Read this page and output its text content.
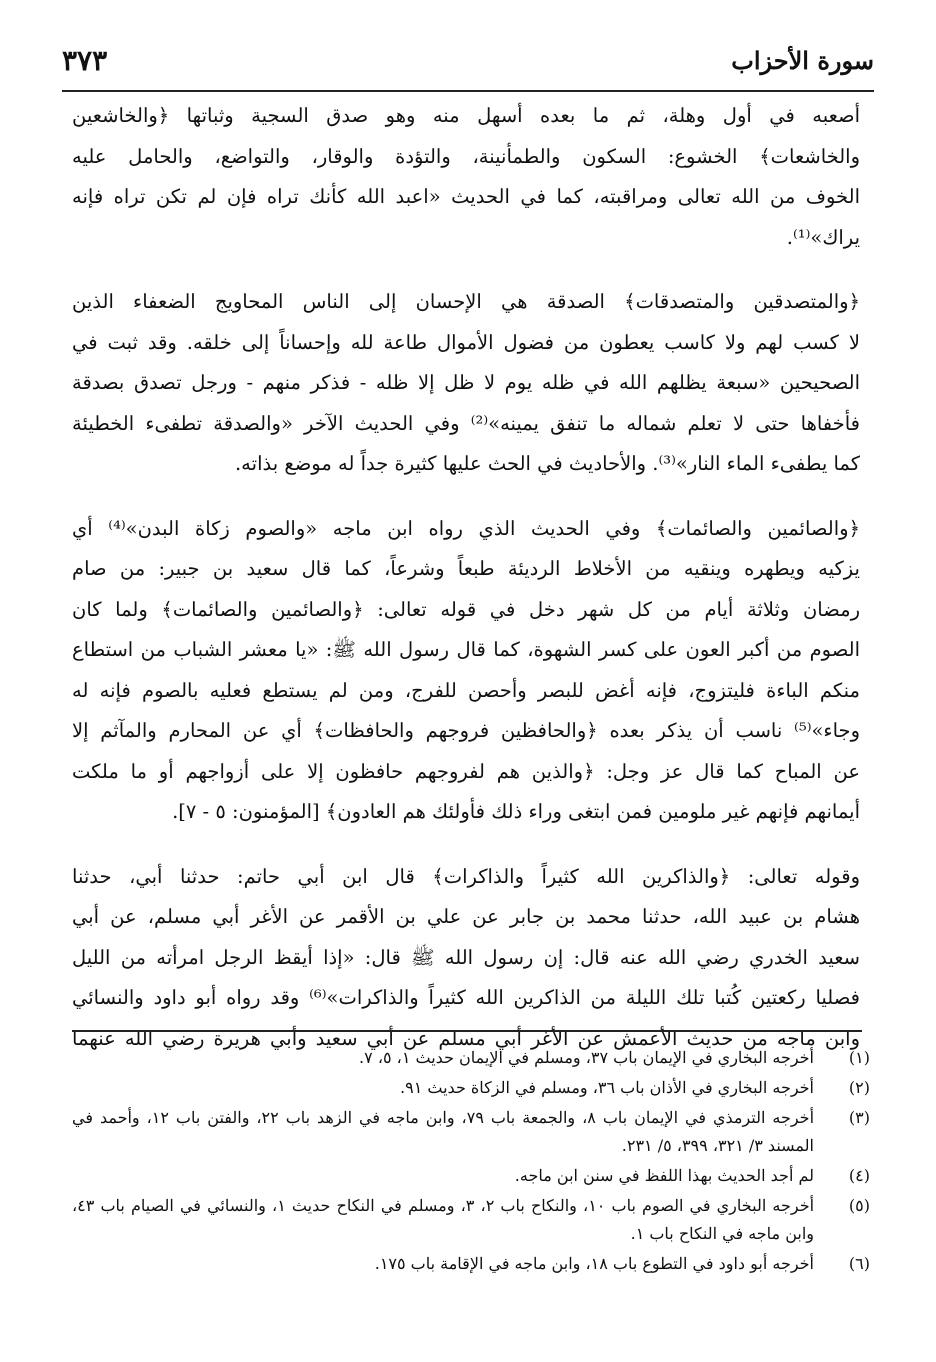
سورة الأحزاب
٣٧٣

أصعبه في أول وهلة، ثم ما بعده أسهل منه وهو صدق السجية وثباتها ﴿والخاشعين
والخاشعات﴾ الخشوع: السكون والطمأنينة، والتؤدة والوقار، والتواضع، والحامل عليه
الخوف من الله تعالى ومراقبته، كما في الحديث «اعبد الله كأنك تراه فإن لم تكن تراه فإنه
يراك»⁽¹⁾.

﴿والمتصدقين والمتصدقات﴾ الصدقة هي الإحسان إلى الناس المحاويج الضعفاء الذين
لا كسب لهم ولا كاسب يعطون من فضول الأموال طاعة لله وإحساناً إلى خلقه. وقد ثبت في
الصحيحين «سبعة يظلهم الله في ظله يوم لا ظل إلا ظله - فذكر منهم - ورجل تصدق بصدقة
فأخفاها حتى لا تعلم شماله ما تنفق يمينه»⁽²⁾ وفي الحديث الآخر «والصدقة تطفىء الخطيئة
كما يطفىء الماء النار»⁽³⁾. والأحاديث في الحث عليها كثيرة جداً له موضع بذاته.

﴿والصائمين والصائمات﴾ وفي الحديث الذي رواه ابن ماجه «والصوم زكاة البدن»⁽⁴⁾ أي
يزكيه ويطهره وينقيه من الأخلاط الرديئة طبعاً وشرعاً، كما قال سعيد بن جبير: من صام
رمضان وثلاثة أيام من كل شهر دخل في قوله تعالى: ﴿والصائمين والصائمات﴾ ولما كان
الصوم من أكبر العون على كسر الشهوة، كما قال رسول الله ﷺ: «يا معشر الشباب من استطاع
منكم الباءة فليتزوج، فإنه أغض للبصر وأحصن للفرج، ومن لم يستطع فعليه بالصوم فإنه له
وجاء»⁽⁵⁾ ناسب أن يذكر بعده ﴿والحافظين فروجهم والحافظات﴾ أي عن المحارم والمآثم إلا
عن المباح كما قال عز وجل: ﴿والذين هم لفروجهم حافظون إلا على أزواجهم أو ما ملكت
أيمانهم فإنهم غير ملومين فمن ابتغى وراء ذلك فأولئك هم العادون﴾ [المؤمنون: ٥ - ٧].

وقوله تعالى: ﴿والذاكرين الله كثيراً والذاكرات﴾ قال ابن أبي حاتم: حدثنا أبي، حدثنا
هشام بن عبيد الله، حدثنا محمد بن جابر عن علي بن الأقمر عن الأغر أبي مسلم، عن أبي
سعيد الخدري رضي الله عنه قال: إن رسول الله ﷺ قال: «إذا أيقظ الرجل امرأته من الليل
فصليا ركعتين كُتبا تلك الليلة من الذاكرين الله كثيراً والذاكرات»⁽⁶⁾ وقد رواه أبو داود والنسائي
وابن ماجه من حديث الأعمش عن الأغر أبي مسلم عن أبي سعيد وأبي هريرة رضي الله عنهما

(١)
أخرجه البخاري في الإيمان باب ٣٧، ومسلم في الإيمان حديث ١، ٥، ٧.
(٢)
أخرجه البخاري في الأذان باب ٣٦، ومسلم في الزكاة حديث ٩١.
(٣)
أخرجه الترمذي في الإيمان باب ٨، والجمعة باب ٧٩، وابن ماجه في الزهد باب ٢٢، والفتن باب ١٢، وأحمد في المسند ٣/ ٣٢١، ٣٩٩، ٥/ ٢٣١.
(٤)
لم أجد الحديث بهذا اللفظ في سنن ابن ماجه.
(٥)
أخرجه البخاري في الصوم باب ١٠، والنكاح باب ٢، ٣، ومسلم في النكاح حديث ١، والنسائي في الصيام باب ٤٣، وابن ماجه في النكاح باب ١.
(٦)
أخرجه أبو داود في التطوع باب ١٨، وابن ماجه في الإقامة باب ١٧٥.
